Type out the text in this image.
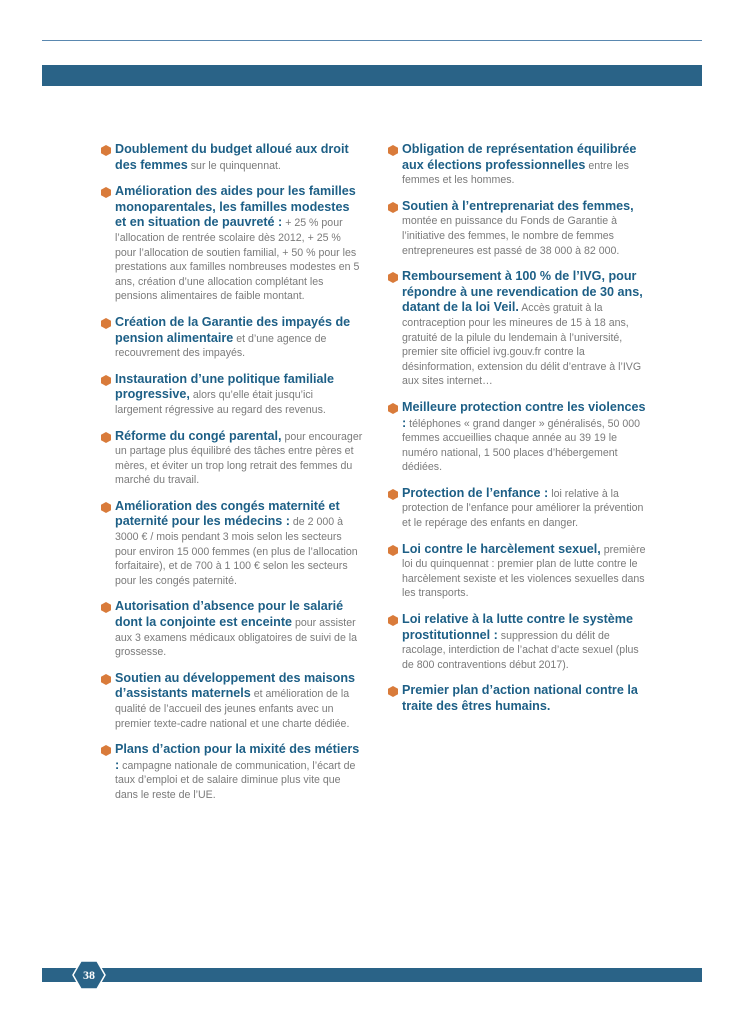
Doublement du budget alloué aux droit des femmes sur le quinquennat.
Amélioration des aides pour les familles monoparentales, les familles modestes et en situation de pauvreté : + 25 % pour l’allocation de rentrée scolaire dès 2012, + 25 % pour l’allocation de soutien familial, + 50 % pour les prestations aux familles nombreuses modestes en 5 ans, création d’une allocation complétant les pensions alimentaires de faible montant.
Création de la Garantie des impayés de pension alimentaire et d’une agence de recouvrement des impayés.
Instauration d’une politique familiale progressive, alors qu’elle était jusqu’ici largement régressive au regard des revenus.
Réforme du congé parental, pour encourager un partage plus équilibré des tâches entre pères et mères, et éviter un trop long retrait des femmes du marché du travail.
Amélioration des congés maternité et paternité pour les médecins : de 2 000 à 3000 € / mois pendant 3 mois selon les secteurs pour environ 15 000 femmes (en plus de l’allocation forfaitaire), et de 700 à 1 100 € selon les secteurs pour les congés paternité.
Autorisation d’absence pour le salarié dont la conjointe est enceinte pour assister aux 3 examens médicaux obligatoires de suivi de la grossesse.
Soutien au développement des maisons d’assistants maternels et amélioration de la qualité de l’accueil des jeunes enfants avec un premier texte-cadre national et une charte dédiée.
Plans d’action pour la mixité des métiers : campagne nationale de communication, l’écart de taux d’emploi et de salaire diminue plus vite que dans le reste de l’UE.
Obligation de représentation équilibrée aux élections professionnelles entre les femmes et les hommes.
Soutien à l’entreprenariat des femmes, montée en puissance du Fonds de Garantie à l’initiative des femmes, le nombre de femmes entrepreneures est passé de 38 000 à 82 000.
Remboursement à 100 % de l’IVG, pour répondre à une revendication de 30 ans, datant de la loi Veil. Accès gratuit à la contraception pour les mineures de 15 à 18 ans, gratuité de la pilule du lendemain à l’université, premier site officiel ivg.gouv.fr contre la désinformation, extension du délit d’entrave à l’IVG aux sites internet…
Meilleure protection contre les violences : téléphones « grand danger » généralisés, 50 000 femmes accueillies chaque année au 39 19 le numéro national, 1 500 places d’hébergement dédiées.
Protection de l’enfance : loi relative à la protection de l’enfance pour améliorer la prévention et le repérage des enfants en danger.
Loi contre le harcèlement sexuel, première loi du quinquennat : premier plan de lutte contre le harcèlement sexiste et les violences sexuelles dans les transports.
Loi relative à la lutte contre le système prostitutionnel : suppression du délit de racolage, interdiction de l’achat d’acte sexuel (plus de 800 contraventions début 2017).
Premier plan d’action national contre la traite des êtres humains.
38
